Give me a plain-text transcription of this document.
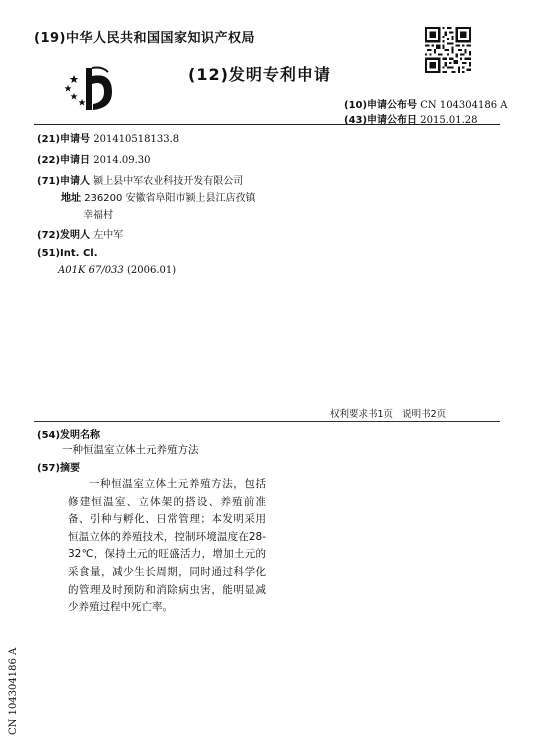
(19)中华人民共和国国家知识产权局
(12)发明专利申请
(10)申请公布号 CN 104304186 A
(43)申请公布日 2015.01.28
(21)申请号 201410518133.8
(22)申请日 2014.09.30
(71)申请人 颍上县中军农业科技开发有限公司
地址 236200 安徽省阜阳市颍上县江店孜镇
幸福村
(72)发明人 左中军
(51)Int. Cl.
A01K 67/033 (2006.01)
权利要求书1页 说明书2页
(54)发明名称
一种恒温室立体土元养殖方法
(57)摘要

一种恒温室立体土元养殖方法，包括修建恒温室、立体架的搭设、养殖前准备、引种与孵化、日常管理；本发明采用恒温立体的养殖技术，控制环境温度在28-32℃，保持土元的旺盛活力，增加土元的采食量，减少生长周期，同时通过科学化的管理及时预防和消除病虫害，能明显减少养殖过程中死亡率。

CN 104304186 A
